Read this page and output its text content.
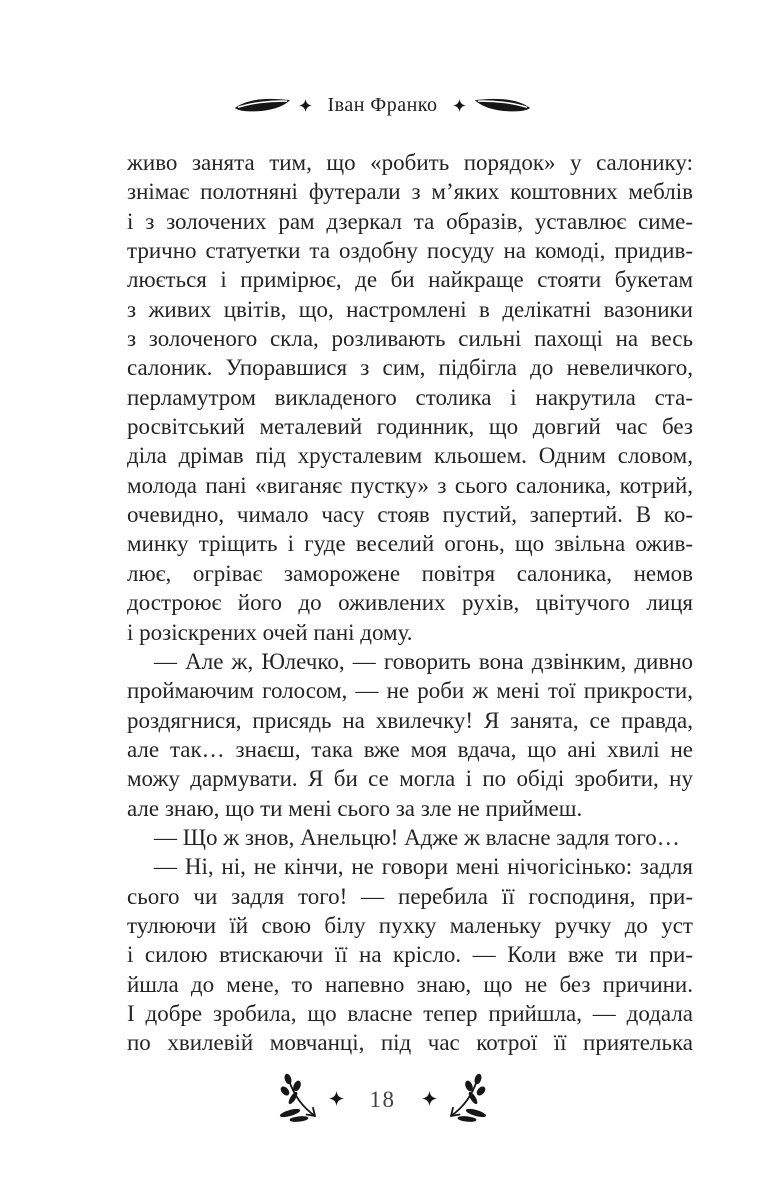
Іван Франко
живо занята тим, що «робить порядок» у салонику:
знімає полотняні футерали з м’яких коштовних меблів
і з золочених рам дзеркал та образів, уставлює симе-
трично статуетки та оздобну посуду на комоді, придив-
люється і примірює, де би найкраще стояти букетам
з живих цвітів, що, настромлені в делікатні вазоники
з золоченого скла, розливають сильні пахощі на весь
салоник. Упоравшися з сим, підбігла до невеличкого,
перламутром викладеного столика і накрутила ста-
росвітський металевий годинник, що довгий час без
діла дрімав під хрусталевим кльошем. Одним словом,
молода пані «виганяє пустку» з сього салоника, котрий,
очевидно, чимало часу стояв пустий, запертий. В ко-
минку тріщить і гуде веселий огонь, що звільна ожив-
лює, огріває заморожене повітря салоника, немов
достроює його до оживлених рухів, цвітучого лиця
і розіскрених очей пані дому.
— Але ж, Юлечко, — говорить вона дзвінким, дивно
проймаючим голосом, — не роби ж мені тої прикрости,
роздягнися, присядь на хвилечку! Я занята, се правда,
але так… знаєш, така вже моя вдача, що ані хвилі не
можу дармувати. Я би се могла і по обіді зробити, ну
але знаю, що ти мені сього за зле не приймеш.
— Що ж знов, Анельцю! Адже ж власне задля того…
— Ні, ні, не кінчи, не говори мені нічогісінько: задля
сього чи задля того! — перебила її господиня, при-
тулюючи їй свою білу пухку маленьку ручку до уст
і силою втискаючи її на крісло. — Коли вже ти при-
йшла до мене, то напевно знаю, що не без причини.
І добре зробила, що власне тепер прийшла, — додала
по хвилевій мовчанці, під час котрої її приятелька
18
